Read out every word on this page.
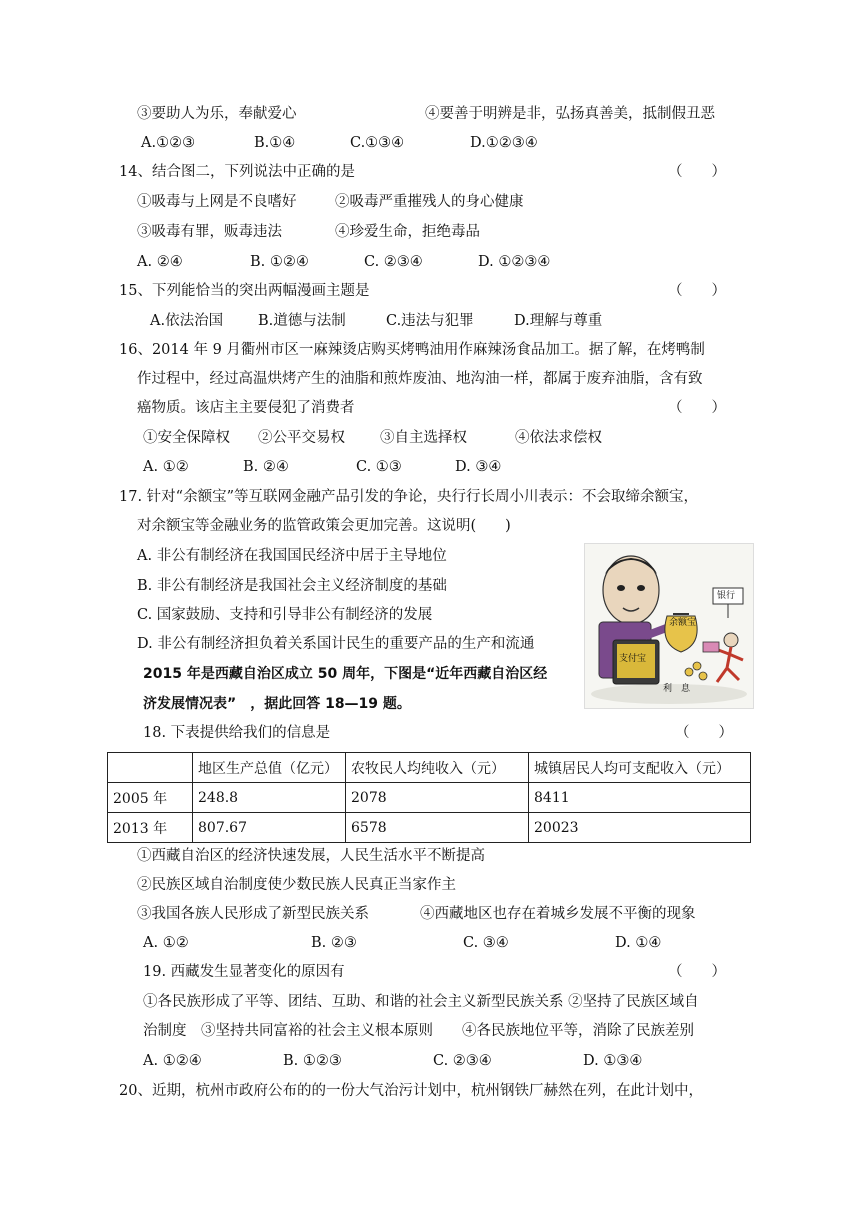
③要助人为乐，奉献爱心	④要善于明辨是非，弘扬真善美，抵制假丑恶
A.①②③	B.①④	C.①③④	D.①②③④
14、结合图二，下列说法中正确的是	（　　）
①吸毒与上网是不良嗜好	②吸毒严重摧残人的身心健康
③吸毒有罪，贩毒违法	④珍爱生命，拒绝毒品
A. ②④	B. ①②④	C. ②③④	D. ①②③④
15、下列能恰当的突出两幅漫画主题是	（　　）
A.依法治国 B.道德与法制	C.违法与犯罪	D.理解与尊重
16、2014 年 9 月衢州市区一麻辣烫店购买烤鸭油用作麻辣汤食品加工。据了解，在烤鸭制
作过程中，经过高温烘烤产生的油脂和煎炸废油、地沟油一样，都属于废弃油脂，含有致
癌物质。该店主主要侵犯了消费者	（　　）
①安全保障权 ②公平交易权 ③自主选择权	④依法求偿权
A. ①②	B. ②④	C. ①③	D. ③④
17. 针对“余额宝”等互联网金融产品引发的争论，央行行长周小川表示：不会取缔余额宝，
对余额宝等金融业务的监管政策会更加完善。这说明(　　)
A. 非公有制经济在我国国民经济中居于主导地位
B. 非公有制经济是我国社会主义经济制度的基础
C. 国家鼓励、支持和引导非公有制经济的发展
D. 非公有制经济担负着关系国计民生的重要产品的生产和流通
余额宝
支付宝
银行
利　息
2015 年是西藏自治区成立 50 周年，下图是“近年西藏自治区经
济发展情况表”　，据此回答 18—19 题。
18. 下表提供给我们的信息是	（　　）
	地区生产总值（亿元）	农牧民人均纯收入（元）	城镇居民人均可支配收入（元）
2005 年	248.8	2078	8411
2013 年	807.67	6578	20023
①西藏自治区的经济快速发展，人民生活水平不断提高
②民族区域自治制度使少数民族人民真正当家作主
③我国各族人民形成了新型民族关系	④西藏地区也存在着城乡发展不平衡的现象
A. ①②	B. ②③	C. ③④	D. ①④
19. 西藏发生显著变化的原因有	（　　）
①各民族形成了平等、团结、互助、和谐的社会主义新型民族关系 ②坚持了民族区域自
治制度　③坚持共同富裕的社会主义根本原则　　④各民族地位平等，消除了民族差别
A. ①②④	B. ①②③	C. ②③④	D. ①③④
20、近期，杭州市政府公布的的一份大气治污计划中，杭州钢铁厂赫然在列，在此计划中，
